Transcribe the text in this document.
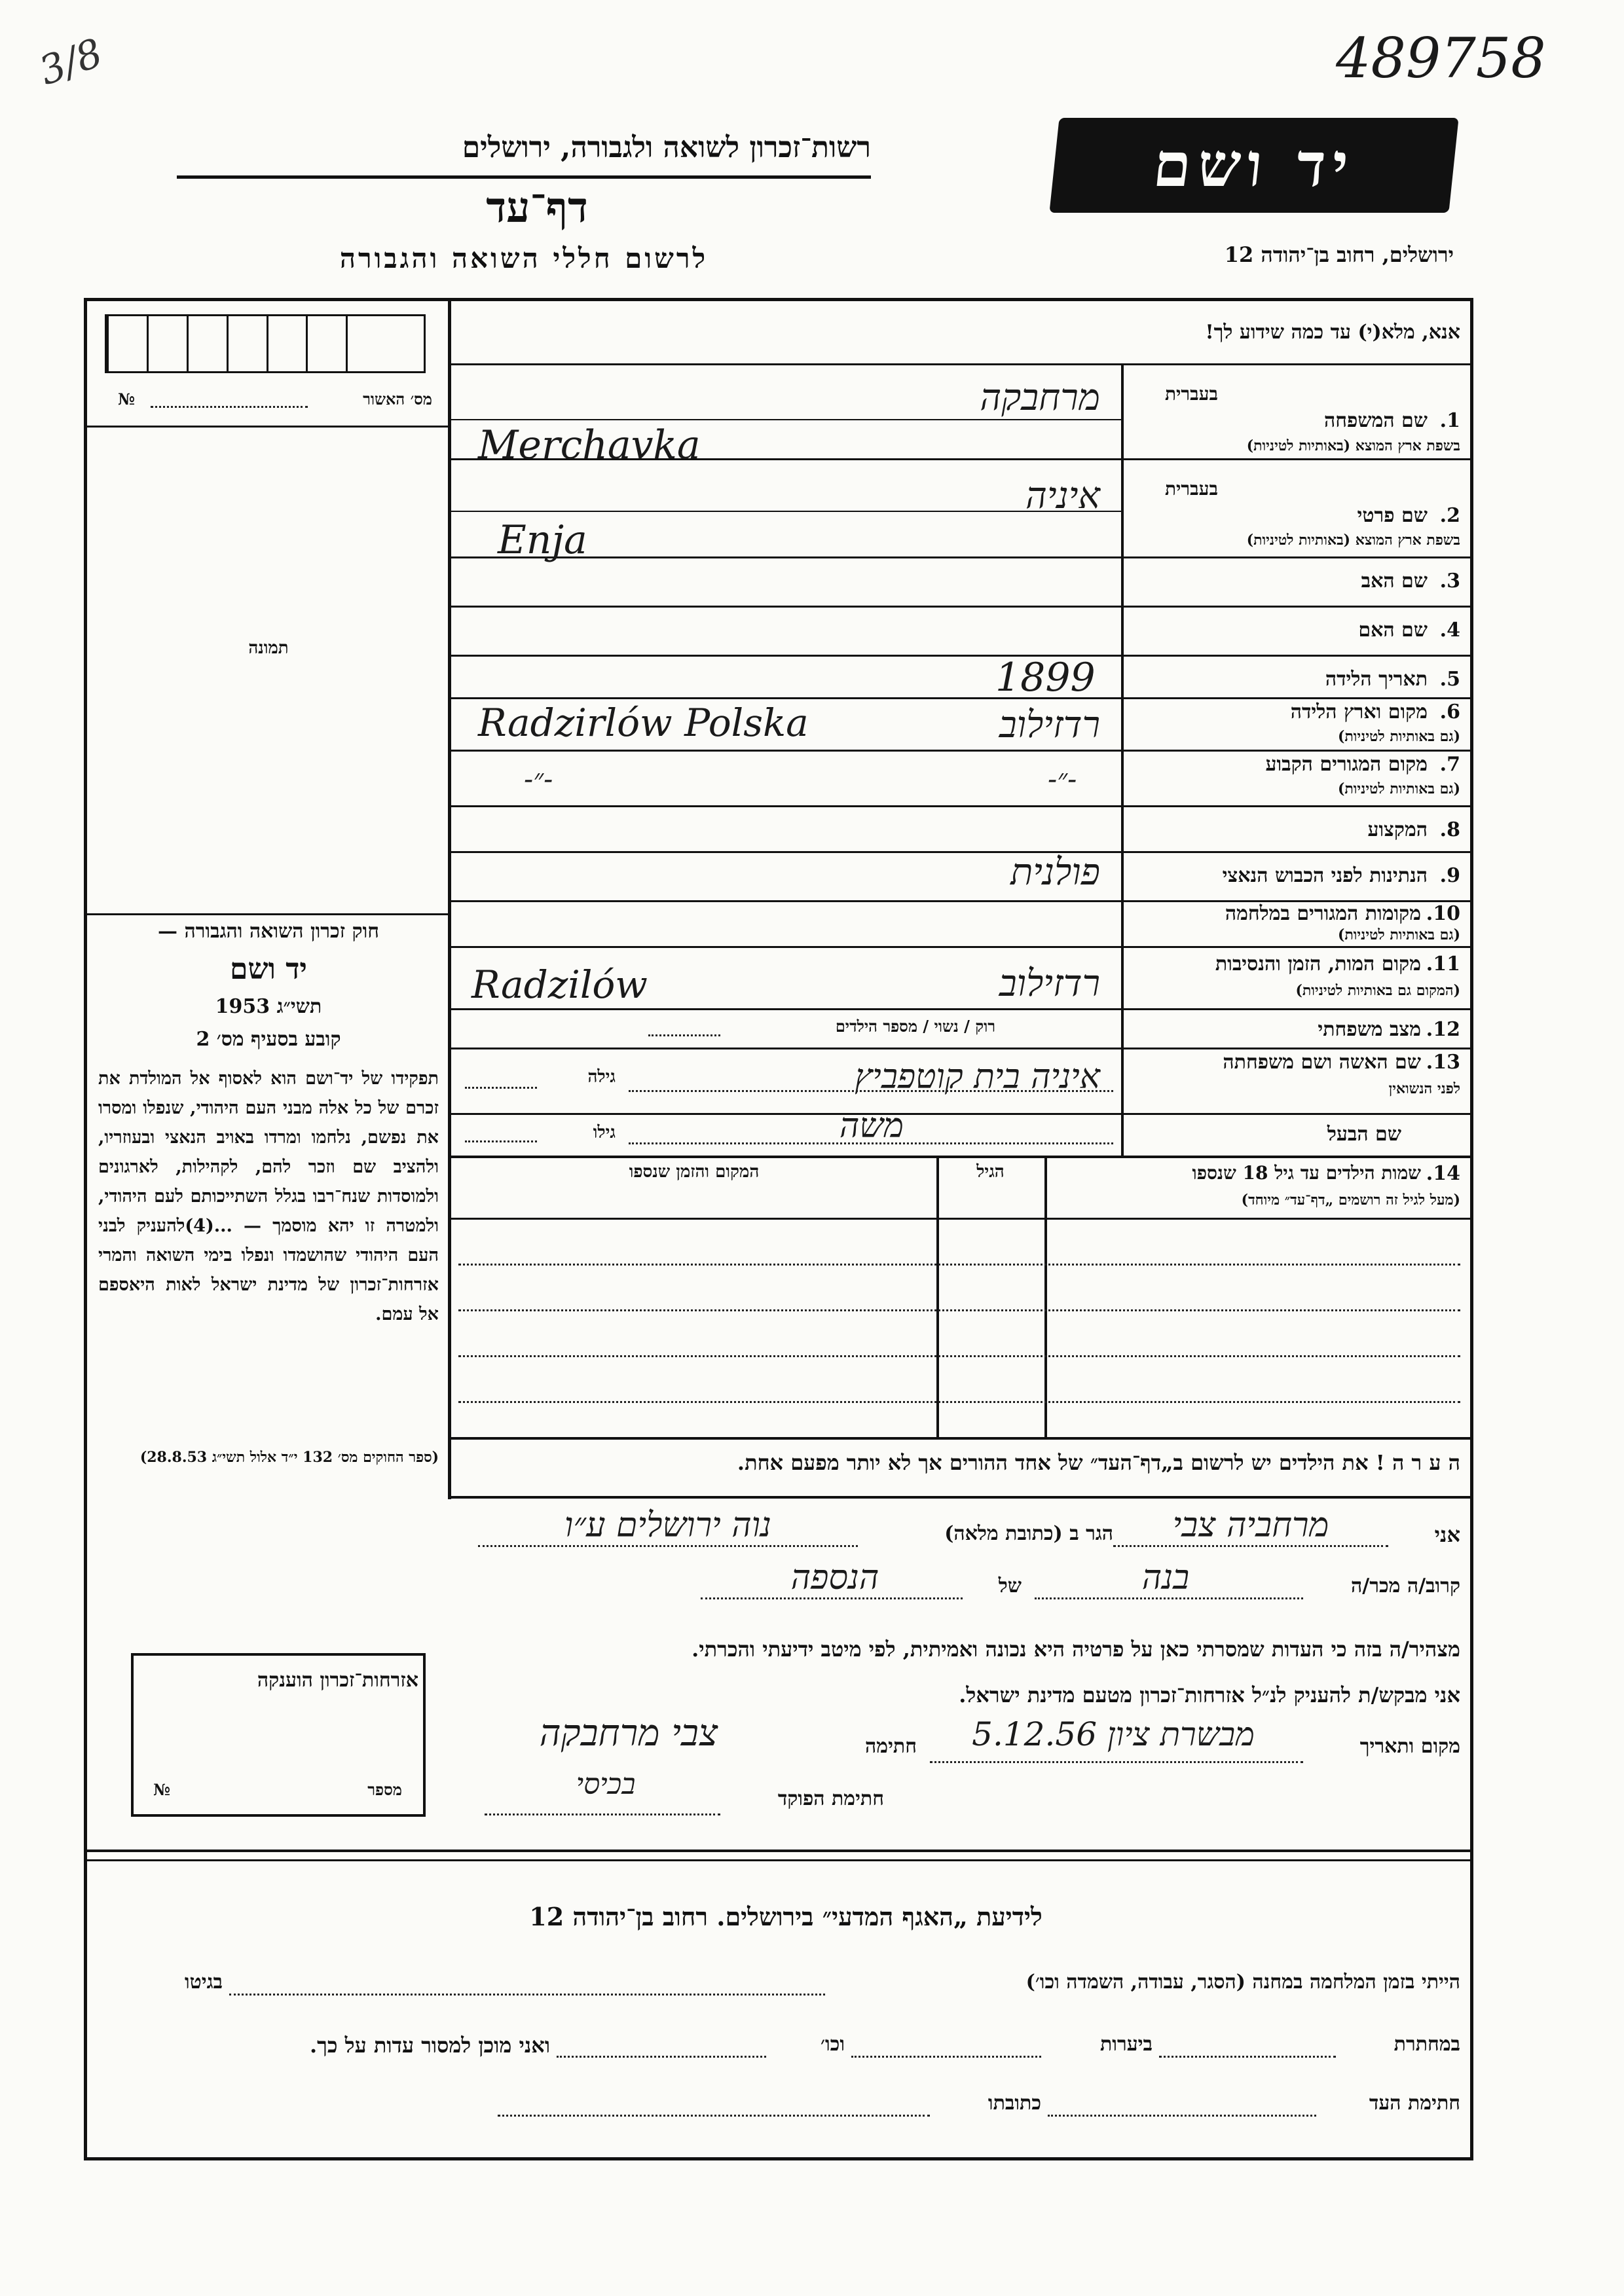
489758
3/8
רשות־זכרון לשואה ולגבורה, ירושלים
דף־עד
לרשום חללי השואה והגבורה
יד ושם
ירושלים, רחוב בן־יהודה 12
מס׳ האשור
№
תמונה
אנא, מלא(י) עד כמה שידוע לך!
בעברית
1.
שם המשפחה
בשפת ארץ המוצא (באותיות לטיניות)
מרחבקה
Merchavka
בעברית
2.
שם פרטי
בשפת ארץ המוצא (באותיות לטיניות)
איניה
Enja
3.
שם האב
4.
שם האם
5.
תאריך הלידה
1899
6.
מקום וארץ הלידה
(גם באותיות לטיניות)
Radzirlów Polska	רדזילוב
7.
מקום המגורים הקבוע
(גם באותיות לטיניות)
-״-	-״-
8.
המקצוע
9.
הנתינות לפני הכבוש הנאצי
פולנית
10.
מקומות המגורים במלחמה
(גם באותיות לטיניות)
11.
מקום המות, הזמן והנסיבות
(המקום גם באותיות לטיניות)
Radzilów	רדזילוב
12.
מצב משפחתי
רוק / נשוי / מספר הילדים
13.
שם האשה ושם משפחתה
לפני הנשואין
איניה בית קוטפביץ
גילה
שם הבעל
משה
גילו
14.
שמות הילדים עד גיל 18 שנספו
(מעל לגיל זה רושמים „דף־עד״ מיוחד)
הגיל
המקום והזמן שנספו
ה ע ר ה ! את הילדים יש לרשום ב„דף־העד״ של אחד ההורים אך לא יותר מפעם אחת.
חוק זכרון השואה והגבורה —
יד ושם
תשי״ג 1953
קובע בסעיף מס׳ 2
תפקידו של יד־ושם הוא לאסוף אל המולדת את זכרם של כל אלה מבני העם היהודי, שנפלו ומסרו את נפשם, נלחמו ומרדו באויב הנאצי ובעוזריו, ולהציב שם וזכר להם, לקהילות, לארגונים ולמוסדות שנח־רבו בגלל השתייכותם לעם היהודי, ולמטרה זו יהא מוסמך — ...(4)להעניק לבני העם היהודי שהושמדו ונפלו בימי השואה והמרי אזרחות־זכרון של מדינת ישראל לאות היאספם אל עמם.
(ספר החוקים מס׳ 132 י״ד אלול תשי״ג 28.8.53)
אני
מרחביה צבי
הגר ב (כתובת מלאה)
נוה ירושלים ע״ו
קרוב/ה מכר/ה
בנה
של
הנספה
מצהיר/ה בזה כי העדות שמסרתי כאן על פרטיה היא נכונה ואמיתית, לפי מיטב ידיעתי והכרתי.
אני מבקש/ת להעניק לנ״ל אזרחות־זכרון מטעם מדינת ישראל.
מקום ותאריך
מבשרת ציון 5.12.56
חתימה
צבי מרחבקה
חתימת הפוקד
בכיסי
אזרחות־זכרון הוענקה
מספר
№
לידיעת „האגף המדעי״ בירושלים. רחוב בן־יהודה 12
הייתי בזמן המלחמה במחנה (הסגר, עבודה, השמדה וכו׳)
בגיטו
במחתרת
ביערות
וכו׳
ואני מוכן למסור עדות על כך.
חתימת העד
כתובתו
